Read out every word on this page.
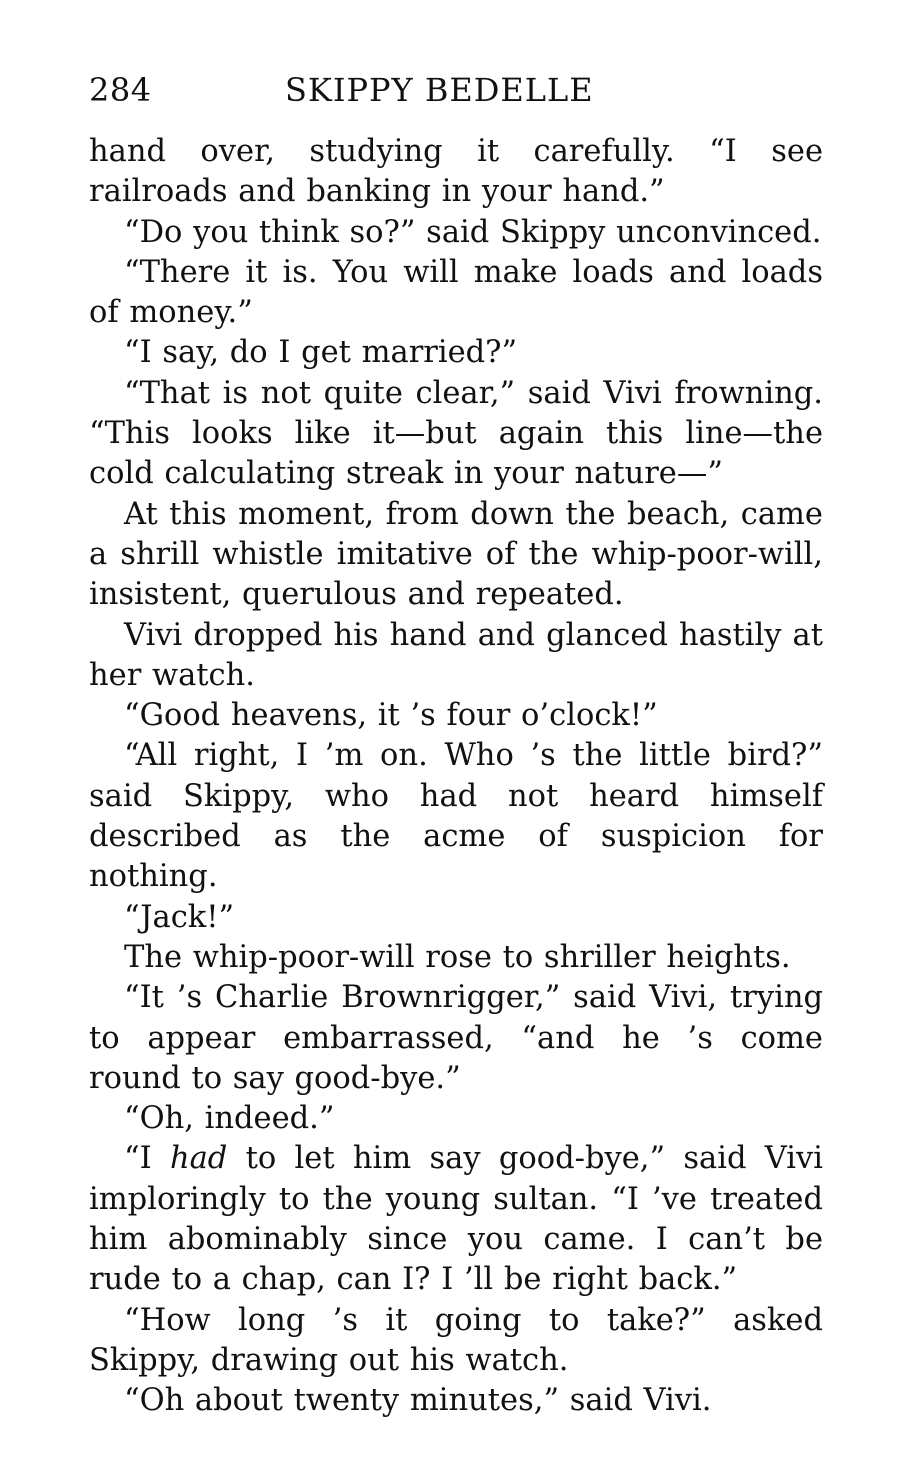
284	SKIPPY BEDELLE

hand over, studying it carefully. “I see railroads and banking in your hand.”

“Do you think so?” said Skippy unconvinced.

“There it is. You will make loads and loads of money.”

“I say, do I get married?”

“That is not quite clear,” said Vivi frowning. “This looks like it—but again this line—the cold calculating streak in your nature—”

At this moment, from down the beach, came a shrill whistle imitative of the whip-poor-will, insistent, querulous and repeated.

Vivi dropped his hand and glanced hastily at her watch.

“Good heavens, it ’s four o’clock!”

“All right, I ’m on. Who ’s the little bird?” said Skippy, who had not heard himself described as the acme of suspicion for nothing.

“Jack!”

The whip-poor-will rose to shriller heights.

“It ’s Charlie Brownrigger,” said Vivi, trying to appear embarrassed, “and he ’s come round to say good-bye.”

“Oh, indeed.”

“I had to let him say good-bye,” said Vivi imploringly to the young sultan. “I ’ve treated him abominably since you came. I can’t be rude to a chap, can I? I ’ll be right back.”

“How long ’s it going to take?” asked Skippy, drawing out his watch.

“Oh about twenty minutes,” said Vivi.
